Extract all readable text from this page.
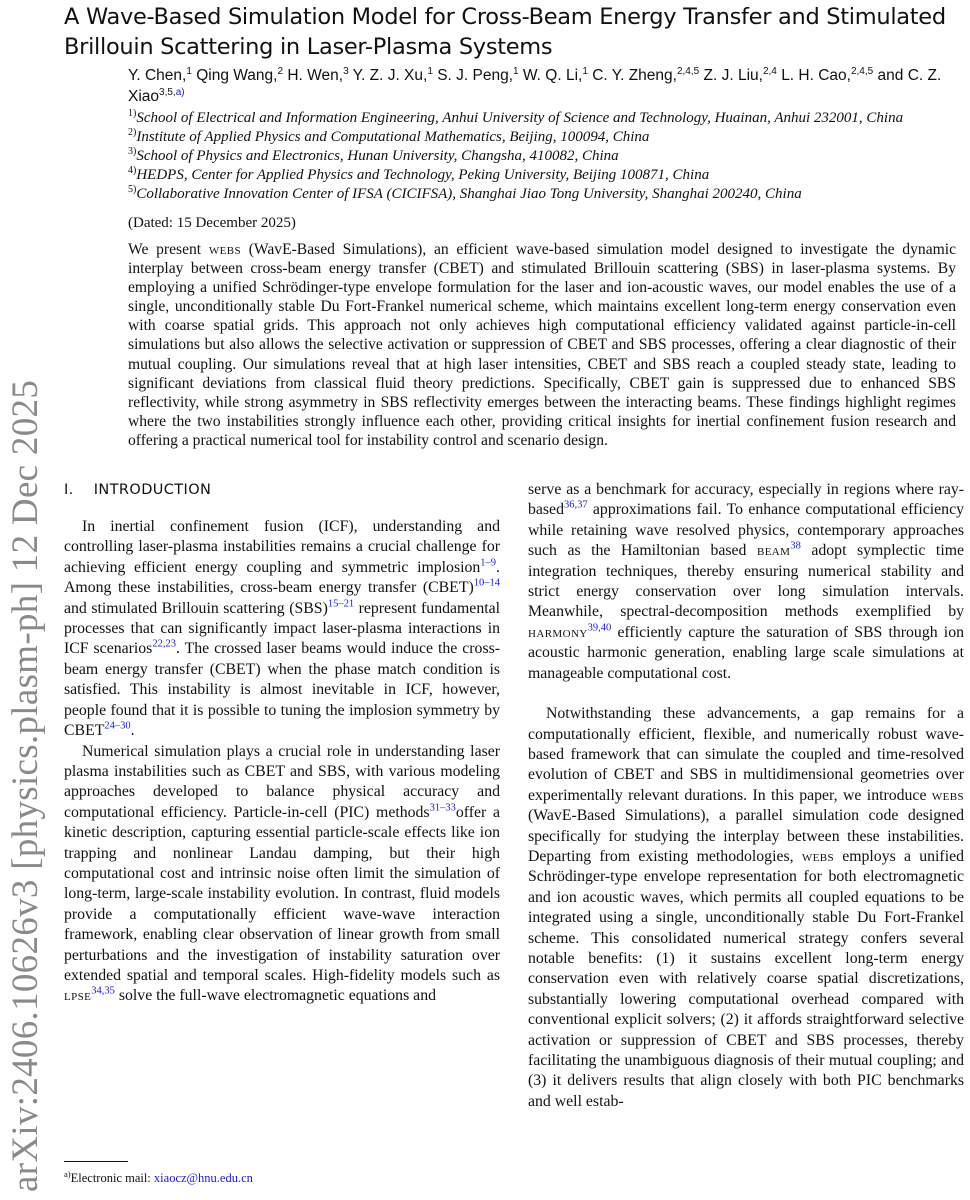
arXiv:2406.10626v3 [physics.plasm-ph] 12 Dec 2025
A Wave-Based Simulation Model for Cross-Beam Energy Transfer and Stimulated Brillouin Scattering in Laser-Plasma Systems
Y. Chen,$^1$ Qing Wang,$^2$ H. Wen,$^3$ Y. Z. J. Xu,$^1$ S. J. Peng,$^1$ W. Q. Li,$^1$ C. Y. Zheng,$^{2,4,5}$ Z. J. Liu,$^{2,4}$ L. H. Cao,$^{2,4,5}$ and C. Z. Xiao$^{3,5,a)}$
$^{1)}$School of Electrical and Information Engineering, Anhui University of Science and Technology, Huainan, Anhui 232001, China
$^{2)}$Institute of Applied Physics and Computational Mathematics, Beijing, 100094, China
$^{3)}$School of Physics and Electronics, Hunan University, Changsha, 410082, China
$^{4)}$HEDPS, Center for Applied Physics and Technology, Peking University, Beijing 100871, China
$^{5)}$Collaborative Innovation Center of IFSA (CICIFSA), Shanghai Jiao Tong University, Shanghai 200240, China
(Dated: 15 December 2025)
We present webs (WavE-Based Simulations), an efficient wave-based simulation model designed to investigate the dynamic interplay between cross-beam energy transfer (CBET) and stimulated Brillouin scattering (SBS) in laser-plasma systems. By employing a unified Schrödinger-type envelope formulation for the laser and ion-acoustic waves, our model enables the use of a single, unconditionally stable Du Fort-Frankel numerical scheme, which maintains excellent long-term energy conservation even with coarse spatial grids. This approach not only achieves high computational efficiency validated against particle-in-cell simulations but also allows the selective activation or suppression of CBET and SBS processes, offering a clear diagnostic of their mutual coupling. Our simulations reveal that at high laser intensities, CBET and SBS reach a coupled steady state, leading to significant deviations from classical fluid theory predictions. Specifically, CBET gain is suppressed due to enhanced SBS reflectivity, while strong asymmetry in SBS reflectivity emerges between the interacting beams. These findings highlight regimes where the two instabilities strongly influence each other, providing critical insights for inertial confinement fusion research and offering a practical numerical tool for instability control and scenario design.
I.    INTRODUCTION

In inertial confinement fusion (ICF), understanding and controlling laser-plasma instabilities remains a crucial challenge for achieving efficient energy coupling and symmetric implosion$^{1-9}$. Among these instabilities, cross-beam energy transfer (CBET)$^{10-14}$ and stimulated Brillouin scattering (SBS)$^{15-21}$ represent fundamental processes that can significantly impact laser-plasma interactions in ICF scenarios$^{22,23}$. The crossed laser beams would induce the cross-beam energy transfer (CBET) when the phase match condition is satisfied. This instability is almost inevitable in ICF, however, people found that it is possible to tuning the implosion symmetry by CBET$^{24-30}$.

Numerical simulation plays a crucial role in understanding laser plasma instabilities such as CBET and SBS, with various modeling approaches developed to balance physical accuracy and computational efficiency. Particle-in-cell (PIC) methods$^{31-33}$offer a kinetic description, capturing essential particle-scale effects like ion trapping and nonlinear Landau damping, but their high computational cost and intrinsic noise often limit the simulation of long-term, large-scale instability evolution. In contrast, fluid models provide a computationally efficient wave-wave interaction framework, enabling clear observation of linear growth from small perturbations and the investigation of instability saturation over extended spatial and temporal scales. High-fidelity models such as lpse$^{34,35}$ solve the full-wave electromagnetic equations and

$^{a)}$Electronic mail: xiaocz@hnu.edu.cn

serve as a benchmark for accuracy, especially in regions where ray-based$^{36,37}$ approximations fail. To enhance computational efficiency while retaining wave resolved physics, contemporary approaches such as the Hamiltonian based beam$^{38}$ adopt symplectic time integration techniques, thereby ensuring numerical stability and strict energy conservation over long simulation intervals. Meanwhile, spectral-decomposition methods exemplified by harmony$^{39,40}$ efficiently capture the saturation of SBS through ion acoustic harmonic generation, enabling large scale simulations at manageable computational cost.

Notwithstanding these advancements, a gap remains for a computationally efficient, flexible, and numerically robust wave-based framework that can simulate the coupled and time-resolved evolution of CBET and SBS in multidimensional geometries over experimentally relevant durations. In this paper, we introduce webs (WavE-Based Simulations), a parallel simulation code designed specifically for studying the interplay between these instabilities. Departing from existing methodologies, webs employs a unified Schrödinger-type envelope representation for both electromagnetic and ion acoustic waves, which permits all coupled equations to be integrated using a single, unconditionally stable Du Fort-Frankel scheme. This consolidated numerical strategy confers several notable benefits: (1) it sustains excellent long-term energy conservation even with relatively coarse spatial discretizations, substantially lowering computational overhead compared with conventional explicit solvers; (2) it affords straightforward selective activation or suppression of CBET and SBS processes, thereby facilitating the unambiguous diagnosis of their mutual coupling; and (3) it delivers results that align closely with both PIC benchmarks and well estab-
